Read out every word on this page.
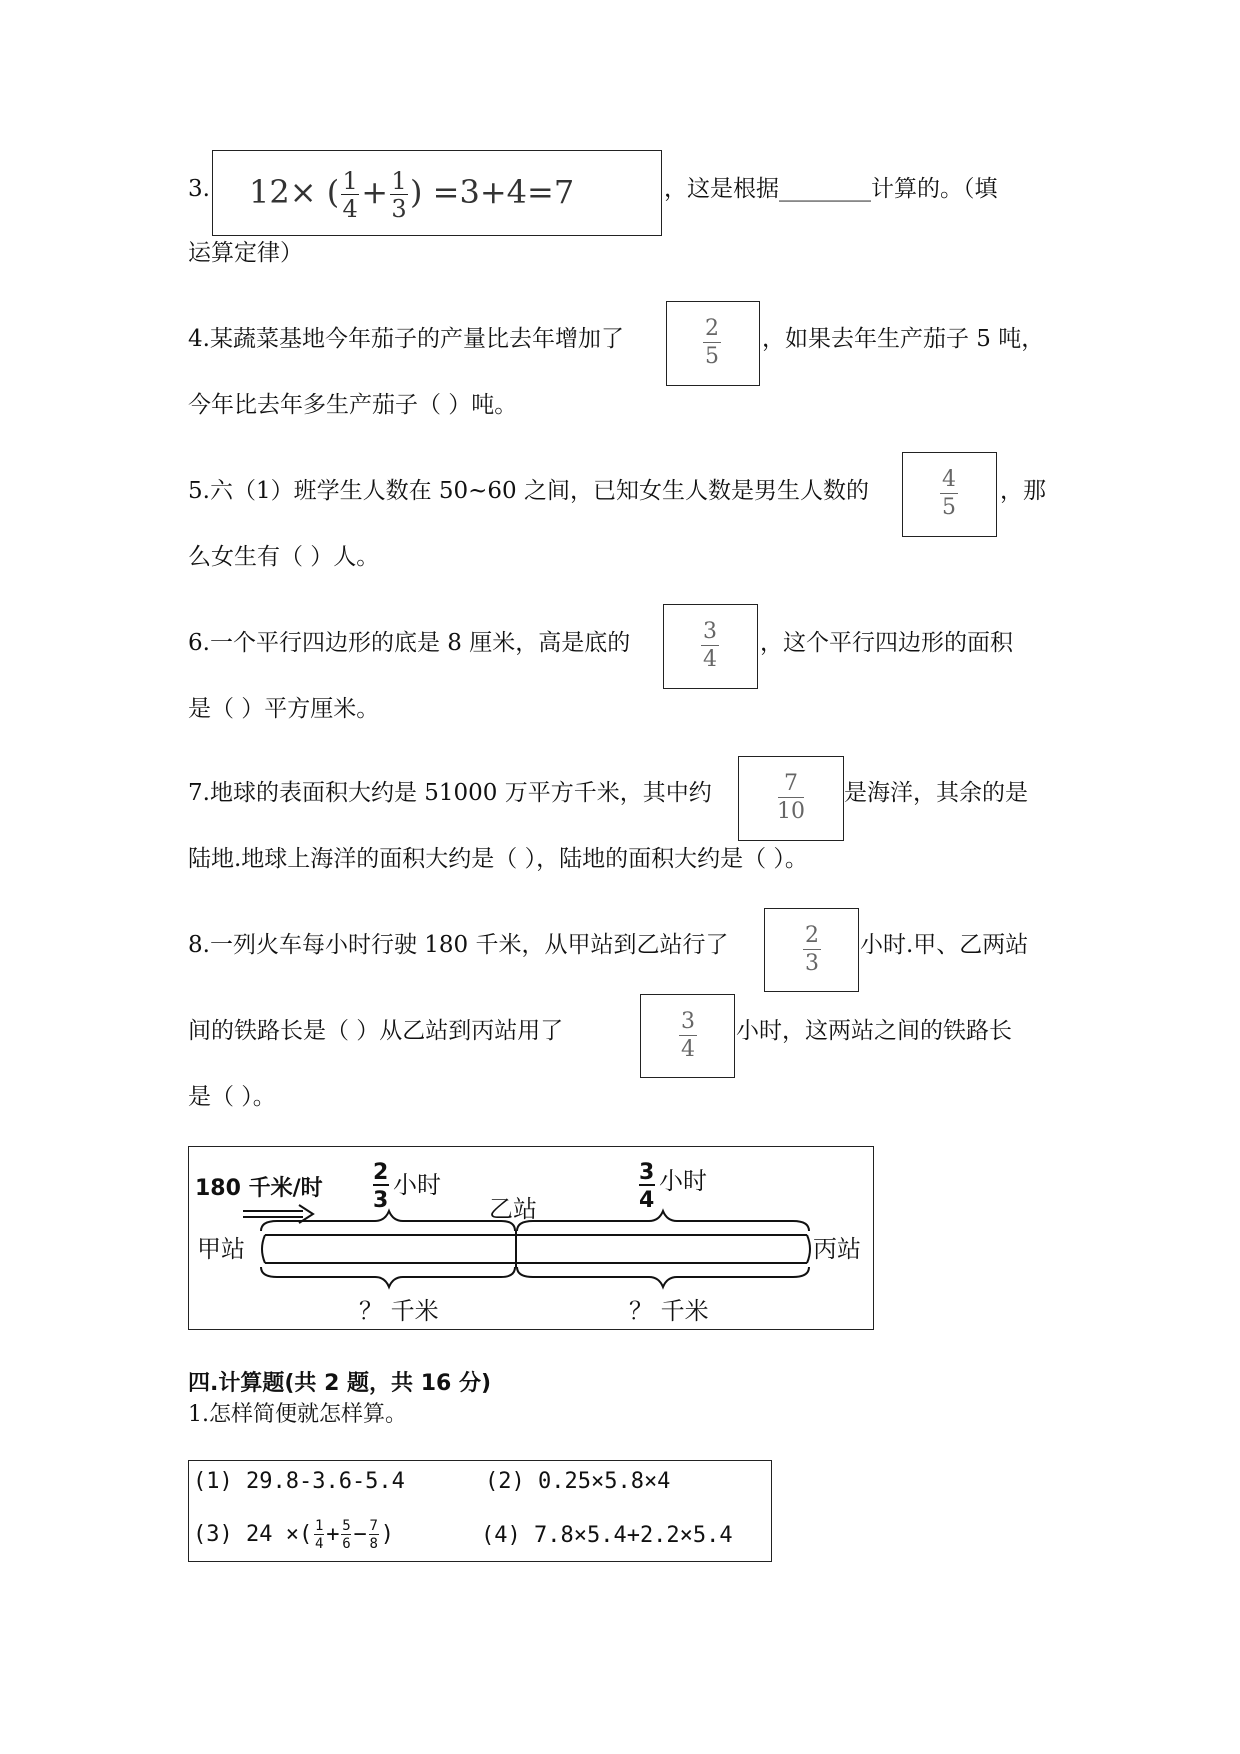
3. 12× ( $\frac{1}{4} + \frac{1}{3}$ ) =3+4=7	，这是根据________计算的。（填
运算定律）
4.某蔬菜基地今年茄子的产量比去年增加了	2
5
，如果去年生产茄子 5 吨，
今年比去年多生产茄子（ ）吨。
5.六（1）班学生人数在 50~60 之间，已知女生人数是男生人数的	4
5
，那
么女生有（ ）人。
6.一个平行四边形的底是 8 厘米，高是底的	3
4
，这个平行四边形的面积
是（ ）平方厘米。
7.地球的表面积大约是 51000 万平方千米，其中约	7
10
是海洋，其余的是
陆地.地球上海洋的面积大约是（ ），陆地的面积大约是（ ）。
8.一列火车每小时行驶 180 千米，从甲站到乙站行了	2
3
小时.甲、乙两站
间的铁路长是（ ）从乙站到丙站用了	3
4
小时，这两站之间的铁路长
是（ ）。
180 千米/时
2
3
小时	3
4
小时
乙站
甲站	丙站
？ 千米	？ 千米
四.计算题(共 2 题，共 16 分)
1.怎样简便就怎样算。
(1) 29.8-3.6-5.4	(2) 0.25×5.8×4
(3) 24 ×( $\frac{1}{4} + \frac{5}{6} - \frac{7}{8}$ )	(4) 7.8×5.4+2.2×5.4
